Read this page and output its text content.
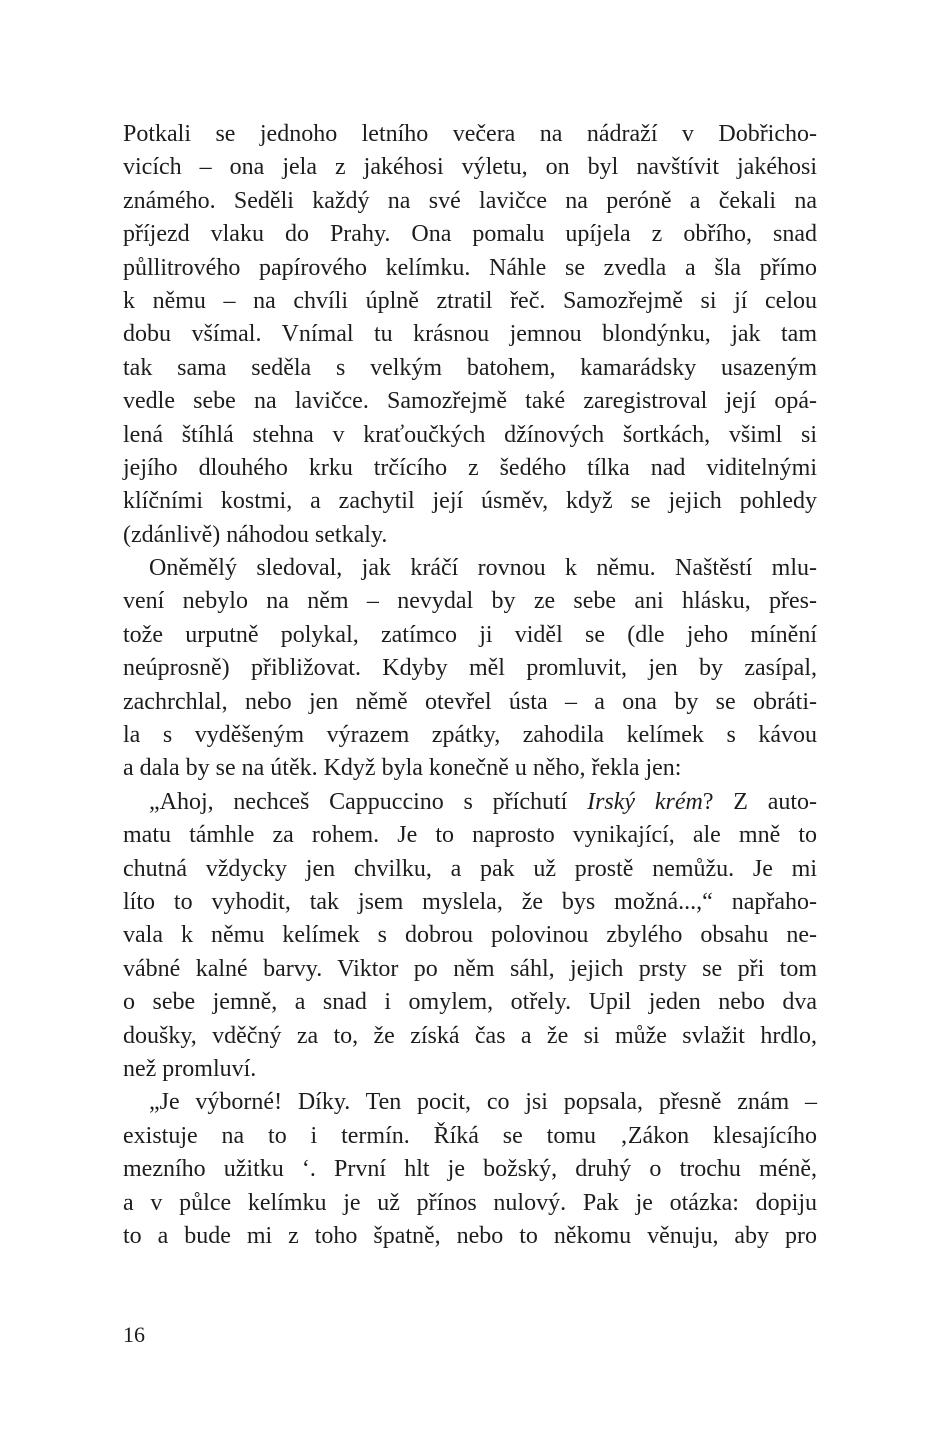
Potkali se jednoho letního večera na nádraží v Dobřicho-
vicích – ona jela z jakéhosi výletu, on byl navštívit jakéhosi
známého. Seděli každý na své lavičce na peróně a čekali na
příjezd vlaku do Prahy. Ona pomalu upíjela z obřího, snad
půllitrového papírového kelímku. Náhle se zvedla a šla přímo
k němu – na chvíli úplně ztratil řeč. Samozřejmě si jí celou
dobu všímal. Vnímal tu krásnou jemnou blondýnku, jak tam
tak sama seděla s velkým batohem, kamarádsky usazeným
vedle sebe na lavičce. Samozřejmě také zaregistroval její opá-
lená štíhlá stehna v kraťoučkých džínových šortkách, všiml si
jejího dlouhého krku trčícího z šedého tílka nad viditelnými
klíčními kostmi, a zachytil její úsměv, když se jejich pohledy
(zdánlivě) náhodou setkaly.
Oněmělý sledoval, jak kráčí rovnou k němu. Naštěstí mlu-
vení nebylo na něm – nevydal by ze sebe ani hlásku, přes-
tože urputně polykal, zatímco ji viděl se (dle jeho mínění
neúprosně) přibližovat. Kdyby měl promluvit, jen by zasípal,
zachrchlal, nebo jen němě otevřel ústa – a ona by se obráti-
la s vyděšeným výrazem zpátky, zahodila kelímek s kávou
a dala by se na útěk. Když byla konečně u něho, řekla jen:
„Ahoj, nechceš Cappuccino s příchutí Irský krém? Z auto-
matu támhle za rohem. Je to naprosto vynikající, ale mně to
chutná vždycky jen chvilku, a pak už prostě nemůžu. Je mi
líto to vyhodit, tak jsem myslela, že bys možná...,“ napřaho-
vala k němu kelímek s dobrou polovinou zbylého obsahu ne-
vábné kalné barvy. Viktor po něm sáhl, jejich prsty se při tom
o sebe jemně, a snad i omylem, otřely. Upil jeden nebo dva
doušky, vděčný za to, že získá čas a že si může svlažit hrdlo,
než promluví.
„Je výborné! Díky. Ten pocit, co jsi popsala, přesně znám –
existuje na to i termín. Říká se tomu ‚Zákon klesajícího
mezního užitku ‘. První hlt je božský, druhý o trochu méně,
a v půlce kelímku je už přínos nulový. Pak je otázka: dopiju
to a bude mi z toho špatně, nebo to někomu věnuju, aby pro
16
